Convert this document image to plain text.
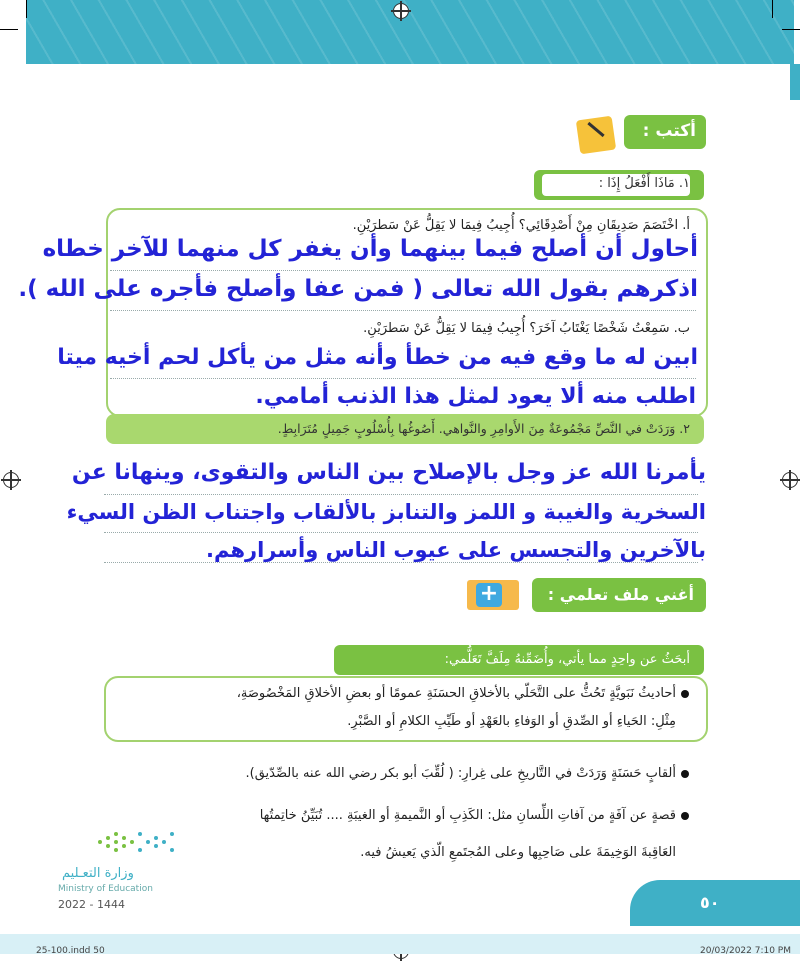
أكتب :
١. مَاذَا أَفْعَلُ إِذَا :
أ. اخْتَصَمَ صَدِيقَانِ مِنْ أَصْدِقَائِي؟ أُجِيبُ فِيمَا لا يَقِلُّ عَنْ سَطرَيْنِ.
أحاول أن أصلح فيما بينهما وأن يغفر كل منهما للآخر خطاه
اذكرهم بقول الله تعالى ( فمن عفا وأصلح فأجره على الله ).
ب. سَمِعْتُ شَخْصًا يَغْتَابُ آخَرَ؟ أُجِيبُ فِيمَا لا يَقِلُّ عَنْ سَطرَيْنِ.
ابين له ما وقع فيه من خطأ وأنه مثل من يأكل لحم أخيه ميتا
اطلب منه ألا يعود لمثل هذا الذنب أمامي.
٢. وَرَدَتْ في النَّصِّ مَجْمُوعَةٌ مِنَ الأَوامِرِ والنَّواهي. أَصُوغُها بِأُسْلُوبٍ جَمِيلٍ مُتَرَابِطٍ.
يأمرنا الله عز وجل بالإصلاح بين الناس والتقوى، وينهانا عن
السخرية والغيبة و اللمز والتنابز بالألقاب واجتناب الظن السيء
بالآخرين والتجسس على عيوب الناس وأسرارهم.
أغني ملف تعلمي :
+
أبحَثُ عن واحِدٍ مما يأتي، وأُضَمِّنهُ مِلَفَّ تَعَلُّمي:
أحاديثُ نَبَويَّةٍ تَحُثُّ على التَّحَلّي بالأخلاقِ الحسَنَةِ عمومًا أو بعضِ الأخلاقِ المَخْصُوصَةِ،
مِثْلِ: الحَياءِ أو الصِّدقِ أو الوَفاءِ بالعَهْدِ أو طَيِّبِ الكلامِ أو الصَّبْرِ.
ألقابٍ حَسَنَةٍ وَرَدَتْ في التَّاريخِ على غِرارِ: ( لُقِّبَ أبو بكر رضي الله عنه بالصِّدّيق).
قصةٍ عن آفَةٍ من آفاتِ اللِّسانِ مثل: الكَذِبِ أو النَّميمةِ أو الغيبَةِ .... تُبَيِّنُ خاتِمتُها
العَاقِبةَ الوَخِيمَةَ على صَاحِبِها وعلى المُجتَمعِ الّذي يَعيشُ فيه.
وزارة التعـليم
Ministry of Education
2022 - 1444	٥٠
25-100.indd 50	20/03/2022 7:10 PM
